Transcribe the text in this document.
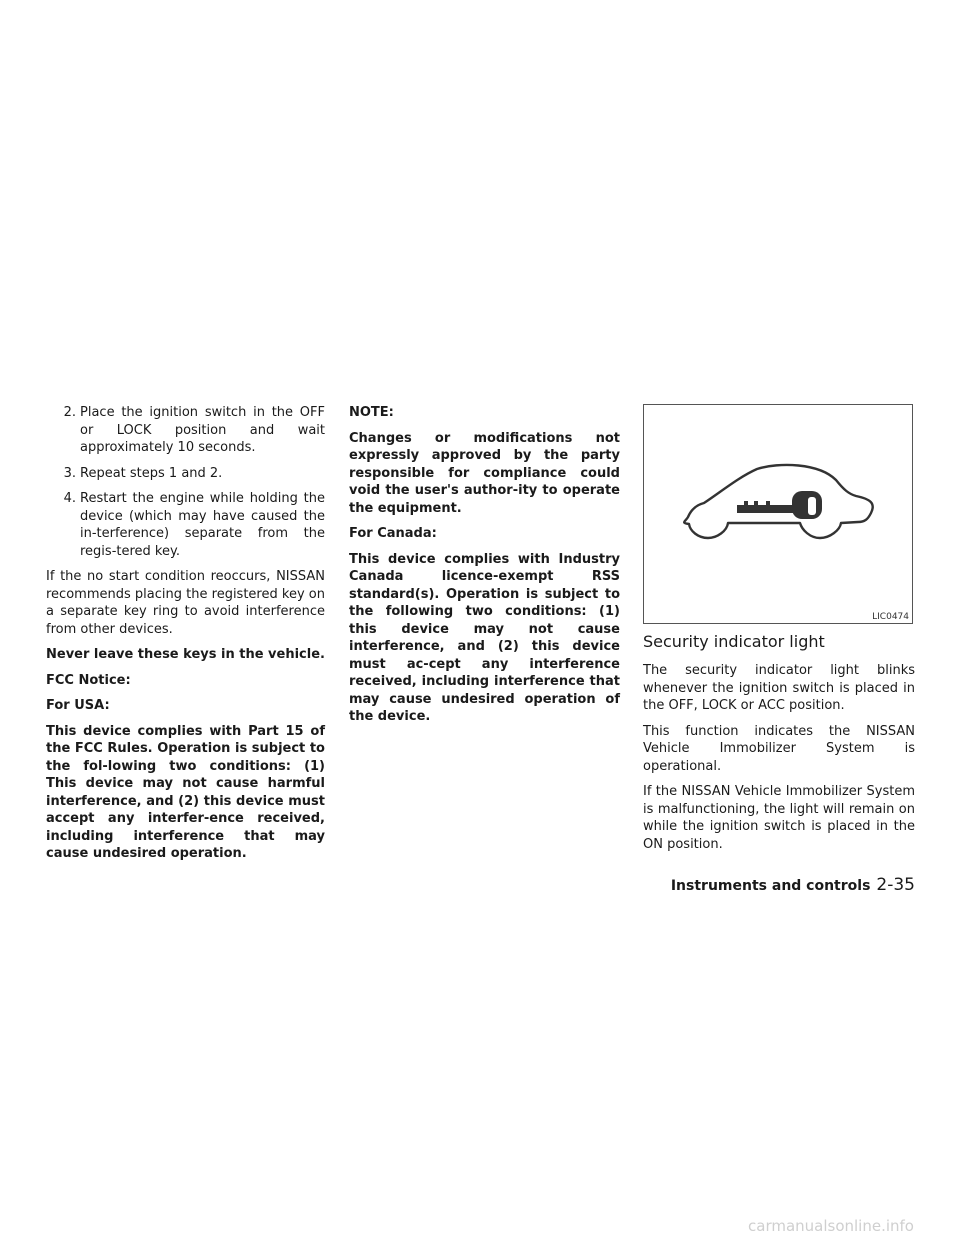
2. Place the ignition switch in the OFF or LOCK position and wait approximately 10 seconds.
3. Repeat steps 1 and 2.
4. Restart the engine while holding the device (which may have caused the in-terference) separate from the regis-tered key.

If the no start condition reoccurs, NISSAN recommends placing the registered key on a separate key ring to avoid interference from other devices.

Never leave these keys in the vehicle.

FCC Notice:

For USA:

This device complies with Part 15 of the FCC Rules. Operation is subject to the fol-lowing two conditions: (1) This device may not cause harmful interference, and (2) this device must accept any interfer-ence received, including interference that may cause undesired operation.

NOTE:

Changes or modifications not expressly approved by the party responsible for compliance could void the user's author-ity to operate the equipment.

For Canada:

This device complies with Industry Canada licence-exempt RSS standard(s). Operation is subject to the following two conditions: (1) this device may not cause interference, and (2) this device must ac-cept any interference received, including interference that may cause undesired operation of the device.

LIC0474
Security indicator light

The security indicator light blinks whenever the ignition switch is placed in the OFF, LOCK or ACC position.

This function indicates the NISSAN Vehicle Immobilizer System is operational.

If the NISSAN Vehicle Immobilizer System is malfunctioning, the light will remain on while the ignition switch is placed in the ON position.

Instruments and controls 2-35
carmanualsonline.info
